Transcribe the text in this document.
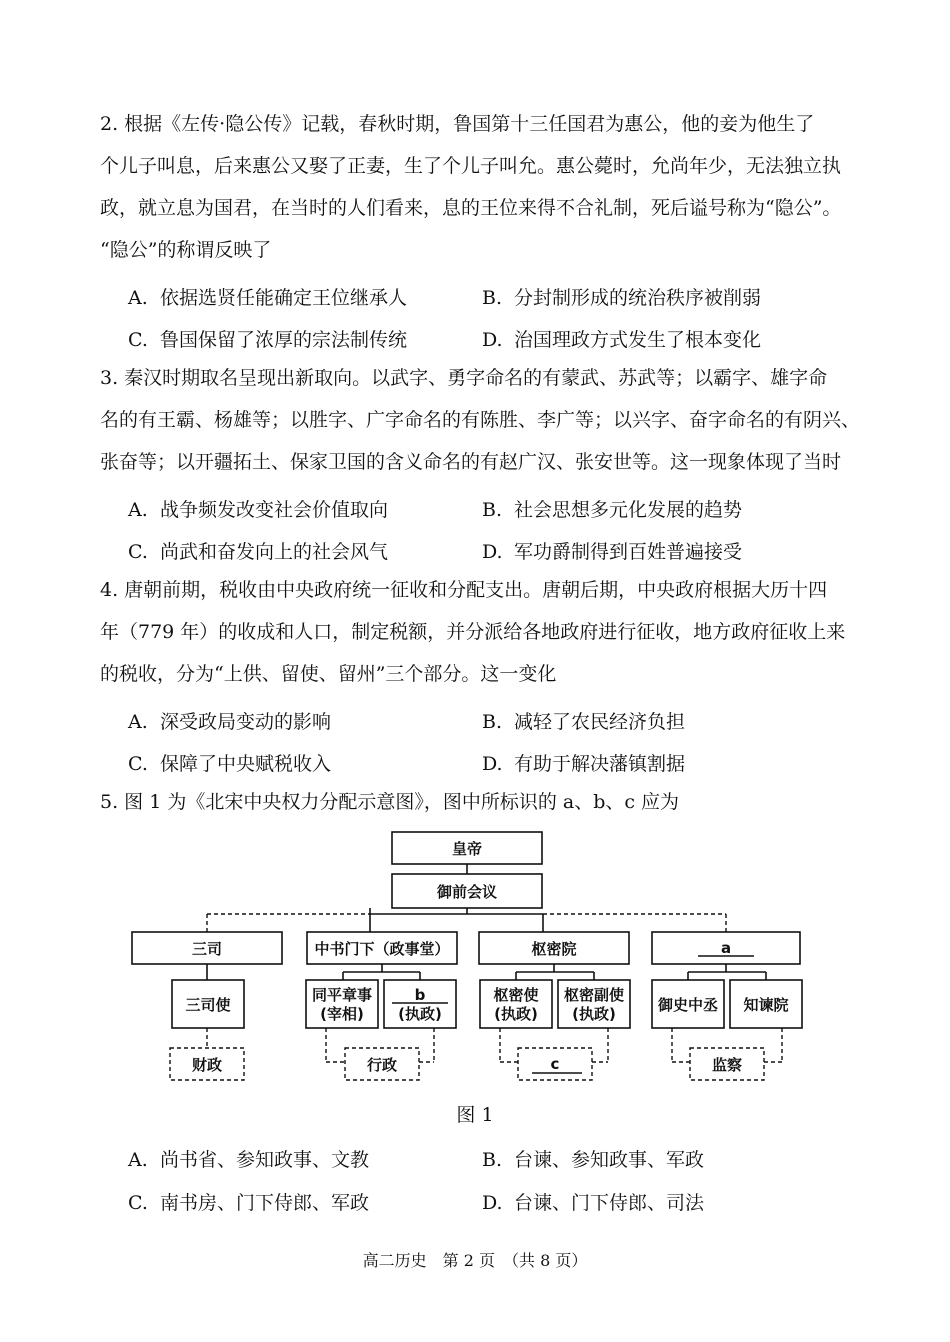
2. 根据《左传·隐公传》记载，春秋时期，鲁国第十三任国君为惠公，他的妾为他生了
个儿子叫息，后来惠公又娶了正妻，生了个儿子叫允。惠公薨时，允尚年少，无法独立执
政，就立息为国君，在当时的人们看来，息的王位来得不合礼制，死后谥号称为“隐公”。
“隐公”的称谓反映了
A. 依据选贤任能确定王位继承人	B. 分封制形成的统治秩序被削弱
C. 鲁国保留了浓厚的宗法制传统	D. 治国理政方式发生了根本变化
3. 秦汉时期取名呈现出新取向。以武字、勇字命名的有蒙武、苏武等；以霸字、雄字命
名的有王霸、杨雄等；以胜字、广字命名的有陈胜、李广等；以兴字、奋字命名的有阴兴、
张奋等；以开疆拓土、保家卫国的含义命名的有赵广汉、张安世等。这一现象体现了当时
A. 战争频发改变社会价值取向	B. 社会思想多元化发展的趋势
C. 尚武和奋发向上的社会风气	D. 军功爵制得到百姓普遍接受
4. 唐朝前期，税收由中央政府统一征收和分配支出。唐朝后期，中央政府根据大历十四
年（779 年）的收成和人口，制定税额，并分派给各地政府进行征收，地方政府征收上来
的税收，分为“上供、留使、留州”三个部分。这一变化
A. 深受政局变动的影响	B. 减轻了农民经济负担
C. 保障了中央赋税收入	D. 有助于解决藩镇割据
5. 图 1 为《北宋中央权力分配示意图》，图中所标识的 a、b、c 应为
皇帝
御前会议
三司	中书门下（政事堂）	枢密院	a
三司使
同平章事
(宰相)
b
(执政)
枢密使
(执政)
枢密副使
(执政)	御史中丞 知谏院
财政	行政	c	监察
图 1
A. 尚书省、参知政事、文教	B. 台谏、参知政事、军政
C. 南书房、门下侍郎、军政	D. 台谏、门下侍郎、司法
高二历史　第 2 页　（共 8 页）
